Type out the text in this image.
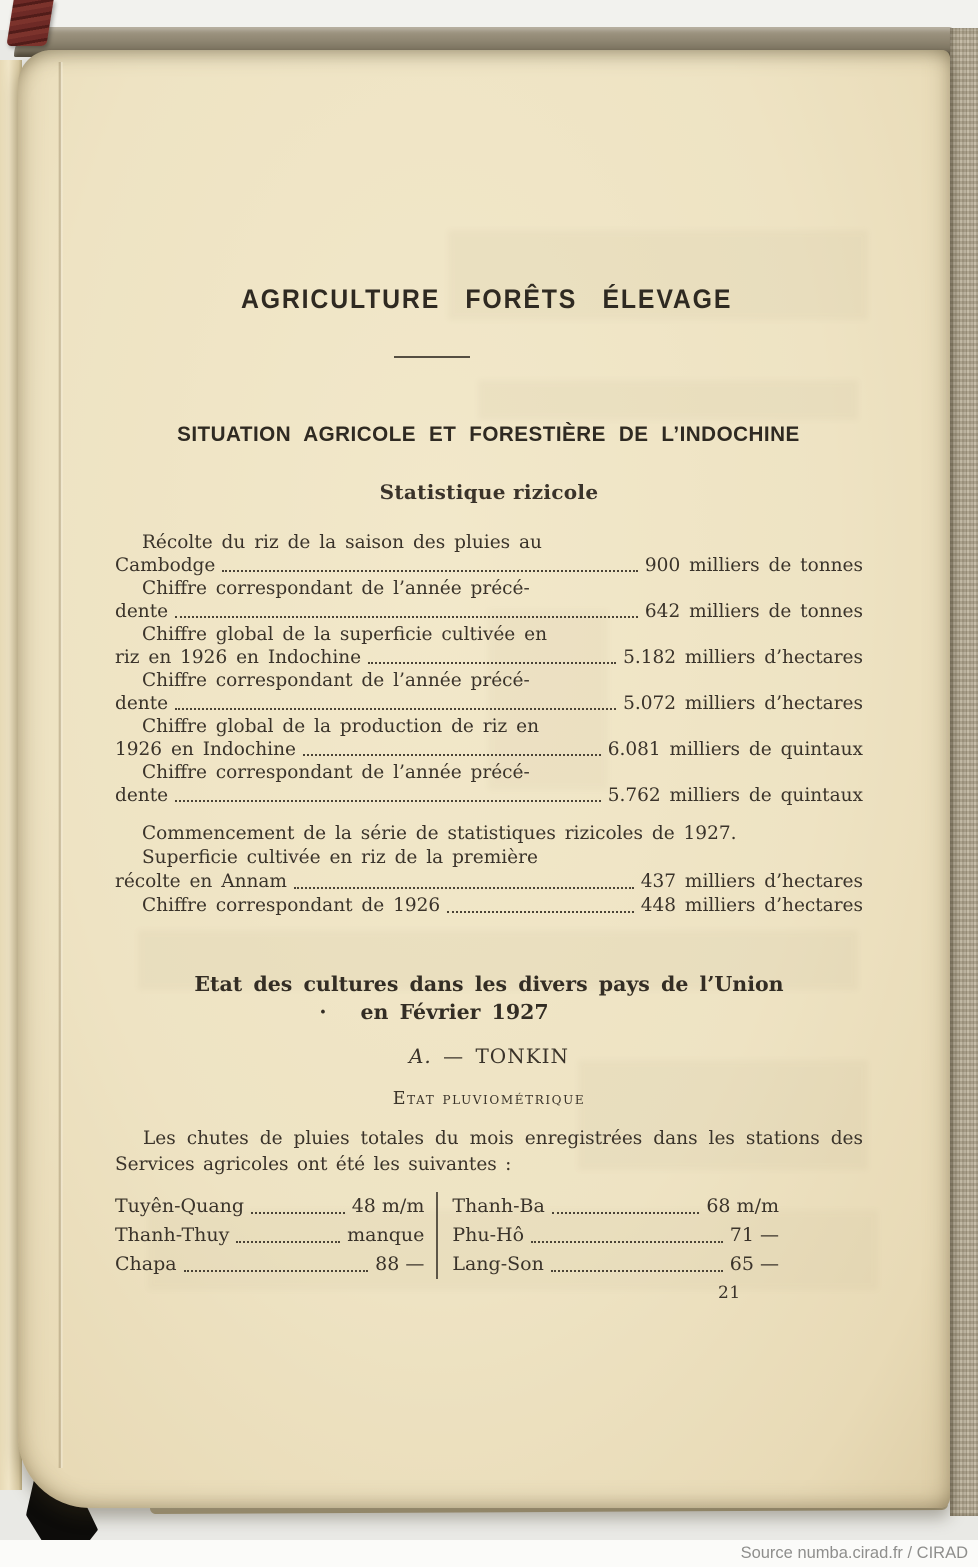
AGRICULTURE FORÊTS ÉLEVAGE
SITUATION AGRICOLE ET FORESTIÈRE DE L’INDOCHINE
Statistique rizicole
Récolte du riz de la saison des pluies au
Cambodge	900 milliers de tonnes
Chiffre correspondant de l’année précé-
dente	642 milliers de tonnes
Chiffre global de la superficie cultivée en
riz en 1926 en Indochine	5.182 milliers d’hectares
Chiffre correspondant de l’année précé-
dente	5.072 milliers d’hectares
Chiffre global de la production de riz en
1926 en Indochine	6.081 milliers de quintaux
Chiffre correspondant de l’année précé-
dente	5.762 milliers de quintaux
Commencement de la série de statistiques rizicoles de 1927.
Superficie cultivée en riz de la première
récolte en Annam	437 milliers d’hectares
Chiffre correspondant de 1926	448 milliers d’hectares
Etat des cultures dans les divers pays de l’Union
· en Février 1927
A. — TONKIN
Etat pluviométrique

Les chutes de pluies totales du mois enregistrées dans les stations des Services agricoles ont été les suivantes :

Tuyên-Quang	48 m/m
Thanh-Thuy	manque
Chapa	88 —
Thanh-Ba	68 m/m
Phu-Hô	71 —
Lang-Son	65 —
21
Source numba.cirad.fr / CIRAD
